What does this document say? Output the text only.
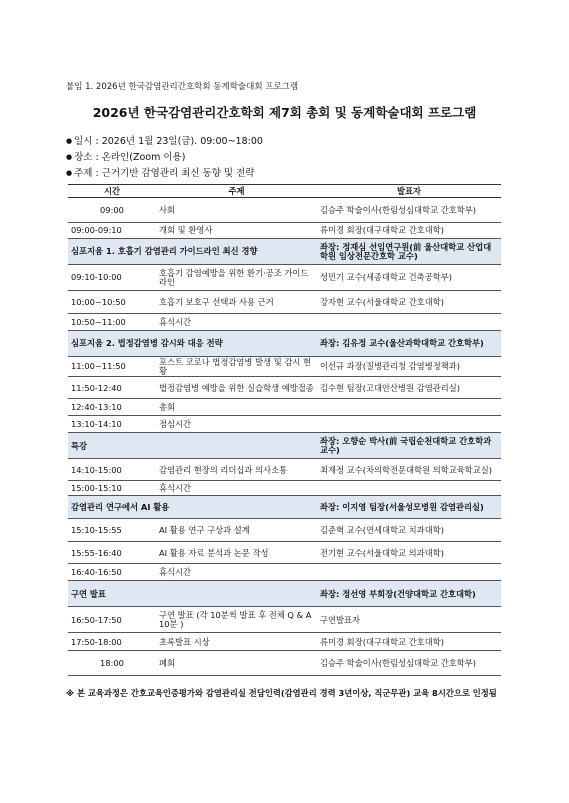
붙임 1. 2026년 한국감염관리간호학회 동계학술대회 프로그램
2026년 한국감염관리간호학회 제7회 총회 및 동계학술대회 프로그램
● 일시 : 2026년 1월 23일(금). 09:00~18:00
● 장소 : 온라인(Zoom 이용)
● 주제 : 근거기반 감염관리 최신 동향 및 전략
시간	주제	발표자
09:00	사회	김승주 학술이사(한림성심대학교 간호학부)

09:00-09:10	개회 및 환영사	류미경 회장(대구대학교 간호대학)

심포지움 1. 호흡기 감염관리 가이드라인 최신 경향		좌장: 정재심 선임연구원(前 울산대학교 산업대학원 임상전문간호학 교수)

09:10-10:00	호흡기 감염예방을 위한 환기·공조 가이드라인	성민기 교수(세종대학교 건축공학부)

10:00~10:50	호흡기 보호구 선택과 사용 근거	강자현 교수(서울대학교 간호대학)

10:50~11:00	휴식시간	

심포지움 2. 법정감염병 감시와 대응 전략		좌장: 김유정 교수(울산과학대학교 간호학부)

11:00~11:50	포스트 코로나 법정감염병 발생 및 감시 현황	이선규 과장(질병관리청 감염병정책과)

11:50-12:40	법정감염병 예방을 위한 실습학생 예방접종	김수현 팀장(고대안산병원 감염관리실)

12:40-13:10	총회	

13:10-14:10	점심시간	

특강		좌장: 오향순 박사(前 국립순천대학교 간호학과 교수)

14:10-15:00	감염관리 현장의 리더십과 의사소통	최재정 교수(차의학전문대학원 의학교육학교실)

15:00-15:10	휴식시간	

감염관리 연구에서 AI 활용		좌장: 이지영 팀장(서울성모병원 감염관리실)

15:10-15:55	AI 활용 연구 구상과 설계	김준혁 교수(연세대학교 치과대학)

15:55-16:40	AI 활용 자료 분석과 논문 작성	전기현 교수(서울대학교 의과대학)

16:40-16:50	휴식시간	

구연 발표		좌장: 정선영 부회장(건양대학교 간호대학)

16:50-17:50	구연 발표 (각 10분씩 발표 후 전체 Q & A 10분 )	구연발표자

17:50-18:00	초록발표 시상	류미경 회장(대구대학교 간호대학)

18:00	폐회	김승주 학술이사(한림성심대학교 간호학부)
※ 본 교육과정은 간호교육인증평가와 감염관리실 전담인력(감염관리 경력 3년이상, 직군무관) 교육 8시간으로 인정됨
